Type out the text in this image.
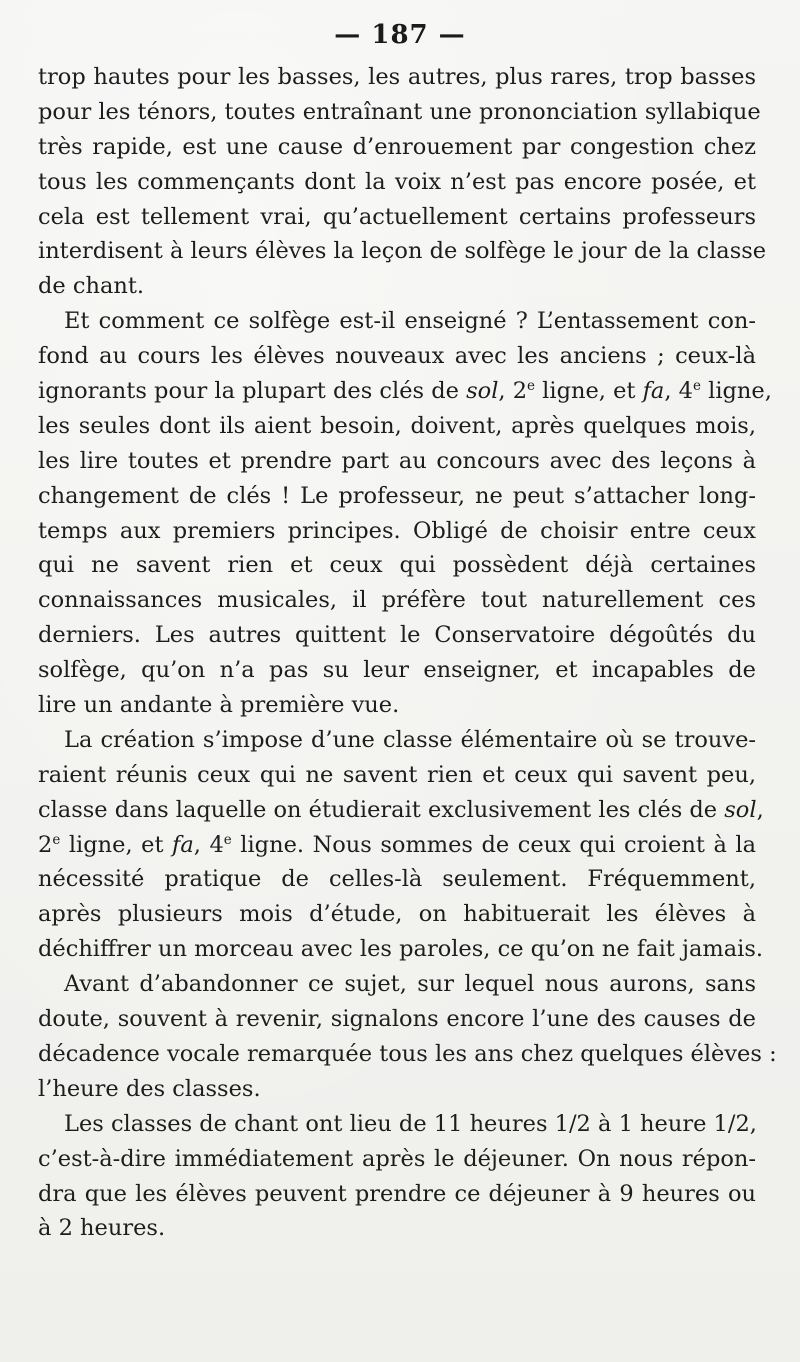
— 187 —
trop hautes pour les basses, les autres, plus rares, trop basses
pour les ténors, toutes entraînant une prononciation syllabique
très rapide, est une cause d’enrouement par congestion chez
tous les commençants dont la voix n’est pas encore posée, et
cela est tellement vrai, qu’actuellement certains professeurs
interdisent à leurs élèves la leçon de solfège le jour de la classe
de chant.
Et comment ce solfège est-il enseigné ? L’entassement con-
fond au cours les élèves nouveaux avec les anciens ; ceux-là
ignorants pour la plupart des clés de sol, 2e ligne, et fa, 4e ligne,
les seules dont ils aient besoin, doivent, après quelques mois,
les lire toutes et prendre part au concours avec des leçons à
changement de clés ! Le professeur, ne peut s’attacher long-
temps aux premiers principes. Obligé de choisir entre ceux
qui ne savent rien et ceux qui possèdent déjà certaines
connaissances musicales, il préfère tout naturellement ces
derniers. Les autres quittent le Conservatoire dégoûtés du
solfège, qu’on n’a pas su leur enseigner, et incapables de
lire un andante à première vue.
La création s’impose d’une classe élémentaire où se trouve-
raient réunis ceux qui ne savent rien et ceux qui savent peu,
classe dans laquelle on étudierait exclusivement les clés de sol,
2e ligne, et fa, 4e ligne. Nous sommes de ceux qui croient à la
nécessité pratique de celles-là seulement. Fréquemment,
après plusieurs mois d’étude, on habituerait les élèves à
déchiffrer un morceau avec les paroles, ce qu’on ne fait jamais.
Avant d’abandonner ce sujet, sur lequel nous aurons, sans
doute, souvent à revenir, signalons encore l’une des causes de
décadence vocale remarquée tous les ans chez quelques élèves :
l’heure des classes.
Les classes de chant ont lieu de 11 heures 1/2 à 1 heure 1/2,
c’est-à-dire immédiatement après le déjeuner. On nous répon-
dra que les élèves peuvent prendre ce déjeuner à 9 heures ou
à 2 heures.
